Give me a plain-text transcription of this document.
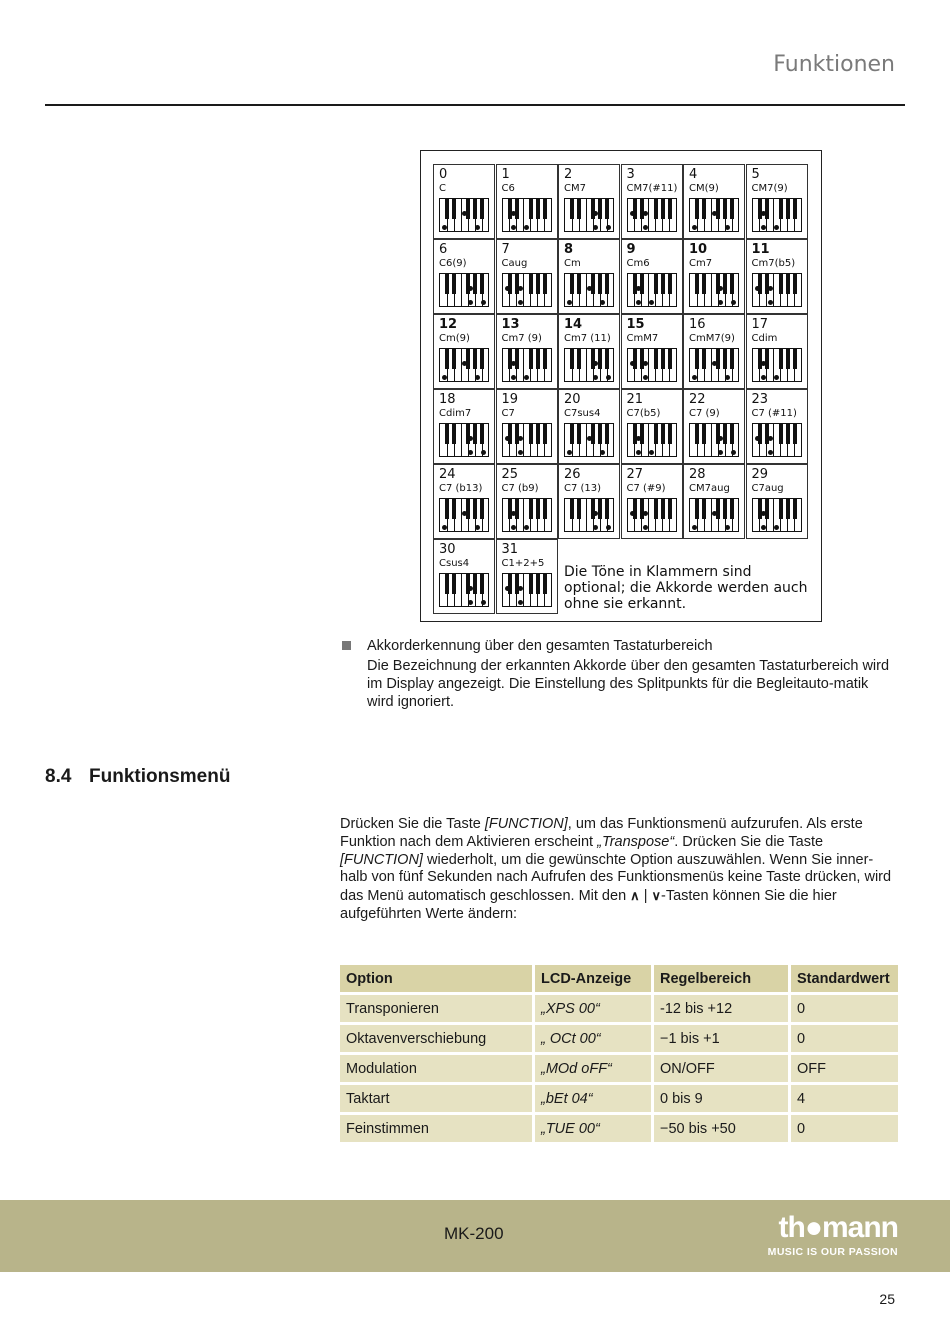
Funktionen
Die Töne in Klammern sind optional; die Akkorde werden auch ohne sie erkannt.
0
C
1
C6
2
CM7
3
CM7(#11)
4
CM(9)
5
CM7(9)
6
C6(9)
7
Caug
8
Cm
9
Cm6
10
Cm7
11
Cm7(b5)
12
Cm(9)
13
Cm7 (9)
14
Cm7 (11)
15
CmM7
16
CmM7(9)
17
Cdim
18
Cdim7
19
C7
20
C7sus4
21
C7(b5)
22
C7 (9)
23
C7 (#11)
24
C7 (b13)
25
C7 (b9)
26
C7 (13)
27
C7 (#9)
28
CM7aug
29
C7aug
30
Csus4
31
C1+2+5
Akkorderkennung über den gesamten Tastaturbereich
Die Bezeichnung der erkannten Akkorde über den gesamten Tastaturbereich wird im Display angezeigt. Die Einstellung des Splitpunkts für die Begleitauto-matik wird ignoriert.
8.4 Funktionsmenü
Drücken Sie die Taste [FUNCTION], um das Funktionsmenü aufzurufen. Als erste Funktion nach dem Aktivieren erscheint „Transpose“. Drücken Sie die Taste [FUNCTION] wiederholt, um die gewünschte Option auszuwählen. Wenn Sie inner-halb von fünf Sekunden nach Aufrufen des Funktionsmenüs keine Taste drücken, wird das Menü automatisch geschlossen. Mit den ∧ | ∨-Tasten können Sie die hier aufgeführten Werte ändern:
Option	LCD-Anzeige	Regelbereich	Standardwert
Transponieren	„XPS 00“	-12 bis +12	0
Oktavenverschiebung	„ OCt 00“	−1 bis +1	0
Modulation	„MOd oFF“	ON/OFF	OFF
Taktart	„bEt 04“	0 bis 9	4
Feinstimmen	„TUE 00“	−50 bis +50	0
MK-200	th●mann
MUSIC IS OUR PASSION
25
